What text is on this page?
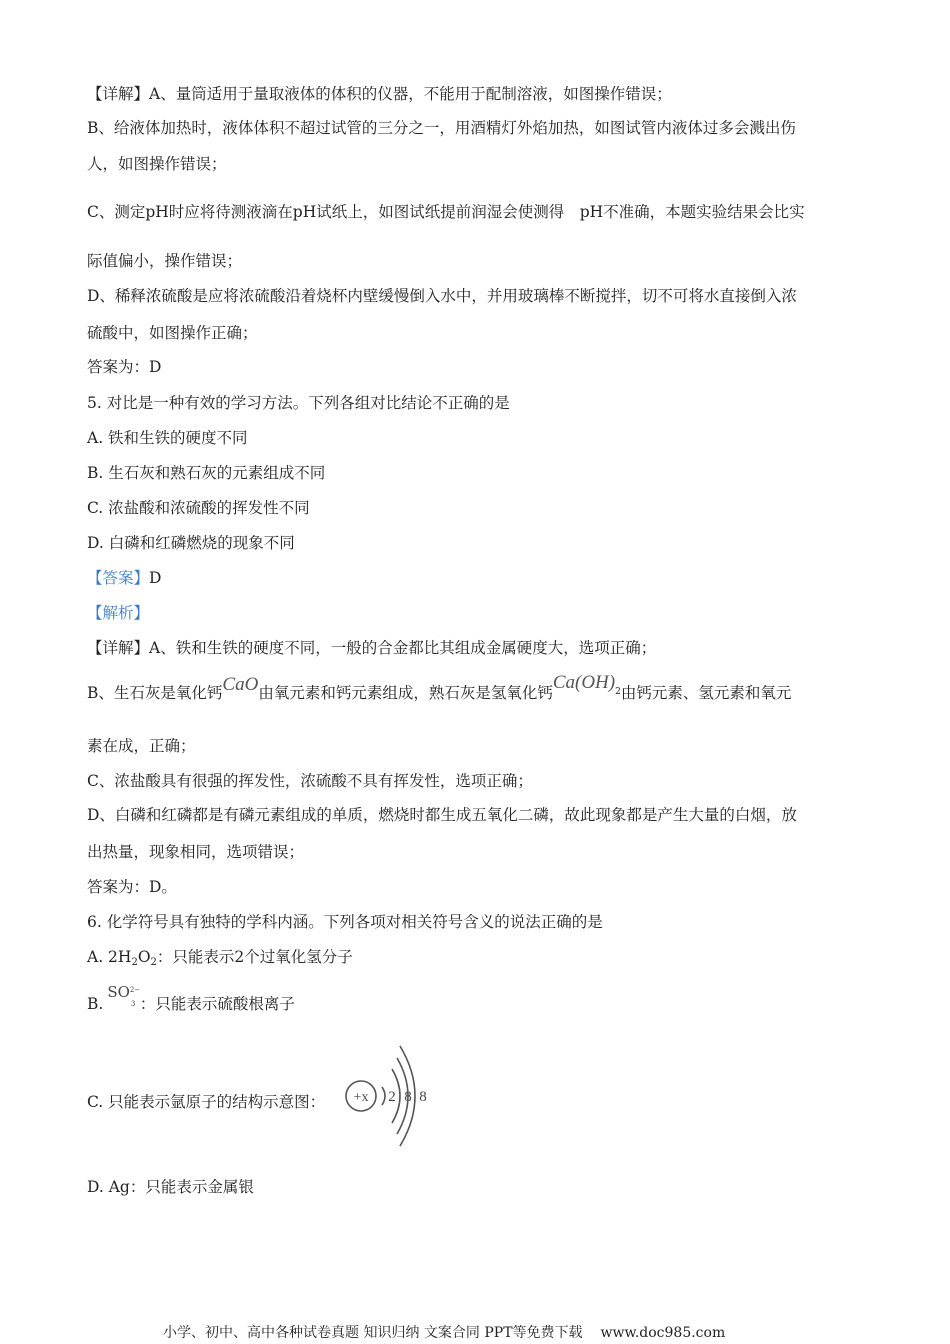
【详解】A、量筒适用于量取液体的体积的仪器，不能用于配制溶液，如图操作错误；
B、给液体加热时，液体体积不超过试管的三分之一，用酒精灯外焰加热，如图试管内液体过多会溅出伤
人，如图操作错误；
C、测定pH时应将待测液滴在pH试纸上，如图试纸提前润湿会使测得　pH不准确，本题实验结果会比实
际值偏小，操作错误；
D、稀释浓硫酸是应将浓硫酸沿着烧杯内壁缓慢倒入水中，并用玻璃棒不断搅拌，切不可将水直接倒入浓
硫酸中，如图操作正确；
答案为：D
5. 对比是一种有效的学习方法。下列各组对比结论不正确的是
A. 铁和生铁的硬度不同
B. 生石灰和熟石灰的元素组成不同
C. 浓盐酸和浓硫酸的挥发性不同
D. 白磷和红磷燃烧的现象不同
【答案】D
【解析】
【详解】A、铁和生铁的硬度不同，一般的合金都比其组成金属硬度大，选项正确；
B、生石灰是氧化钙CaO由氧元素和钙元素组成，熟石灰是氢氧化钙$Ca(OH)_2$由钙元素、氢元素和氧元
素在成，正确；
C、浓盐酸具有很强的挥发性，浓硫酸不具有挥发性，选项正确；
D、白磷和红磷都是有磷元素组成的单质，燃烧时都生成五氧化二磷，故此现象都是产生大量的白烟，放
出热量，现象相同，选项错误；
答案为：D。
6. 化学符号具有独特的学科内涵。下列各项对相关符号含义的说法正确的是
A. 2H2O2：只能表示2个过氧化氢分子
B.SO 2−
3 ：只能表示硫酸根离子
C. 只能表示氩原子的结构示意图： +x 2 8 8
D. Ag：只能表示金属银
小学、初中、高中各种试卷真题 知识归纳 文案合同 PPT等免费下载 www.doc985.com
